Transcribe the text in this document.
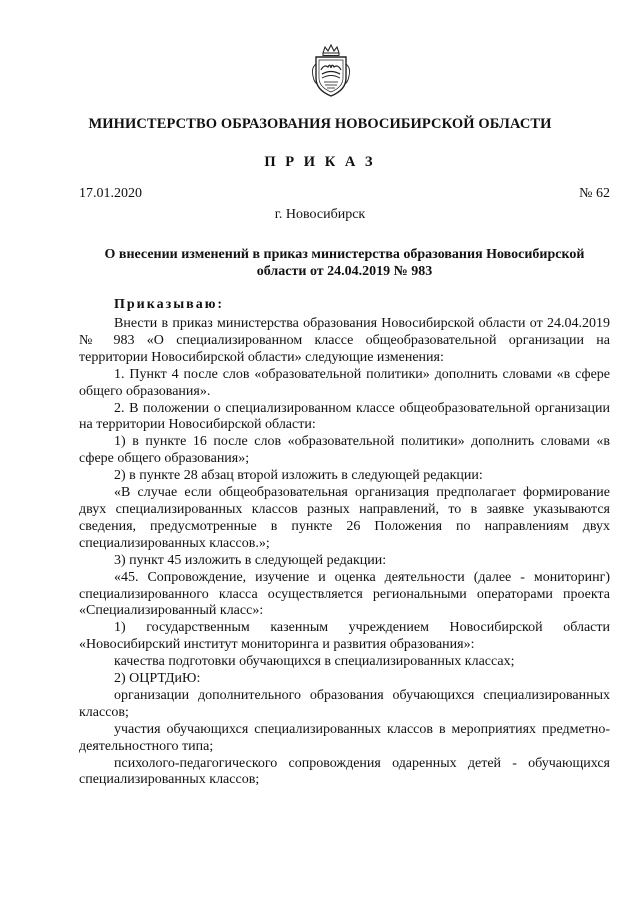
МИНИСТЕРСТВО ОБРАЗОВАНИЯ НОВОСИБИРСКОЙ ОБЛАСТИ
П Р И К А З
17.01.2020	№ 62
г. Новосибирск
О внесении изменений в приказ министерства образования Новосибирской области от 24.04.2019 № 983
Приказываю:

Внести в приказ министерства образования Новосибирской области от 24.04.2019 № 983 «О специализированном классе общеобразовательной организации на территории Новосибирской области» следующие изменения:

1. Пункт 4 после слов «образовательной политики» дополнить словами «в сфере общего образования».

2. В положении о специализированном классе общеобразовательной организации на территории Новосибирской области:

1) в пункте 16 после слов «образовательной политики» дополнить словами «в сфере общего образования»;

2) в пункте 28 абзац второй изложить в следующей редакции:

«В случае если общеобразовательная организация предполагает формирование двух специализированных классов разных направлений, то в заявке указываются сведения, предусмотренные в пункте 26 Положения по направлениям двух специализированных классов.»;

3) пункт 45 изложить в следующей редакции:

«45. Сопровождение, изучение и оценка деятельности (далее - мониторинг) специализированного класса осуществляется региональными операторами проекта «Специализированный класс»:

1) государственным казенным учреждением Новосибирской области «Новосибирский институт мониторинга и развития образования»:

качества подготовки обучающихся в специализированных классах;

2) ОЦРТДиЮ:

организации дополнительного образования обучающихся специализированных классов;

участия обучающихся специализированных классов в мероприятиях предметно-деятельностного типа;

психолого-педагогического сопровождения одаренных детей - обучающихся специализированных классов;
